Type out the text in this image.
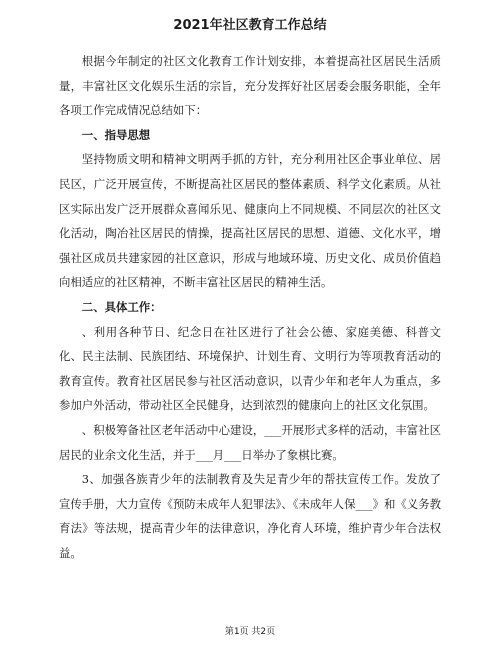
2021年社区教育工作总结

根据今年制定的社区文化教育工作计划安排，本着提高社区居民生活质量，丰富社区文化娱乐生活的宗旨，充分发挥好社区居委会服务职能，全年各项工作完成情况总结如下：

一、指导思想

坚持物质文明和精神文明两手抓的方针，充分利用社区企事业单位、居民区，广泛开展宣传，不断提高社区居民的整体素质、科学文化素质。从社区实际出发广泛开展群众喜闻乐见、健康向上不同规模、不同层次的社区文化活动，陶冶社区居民的情操，提高社区居民的思想、道德、文化水平，增强社区成员共建家园的社区意识，形成与地域环境、历史文化、成员价值趋向相适应的社区精神，不断丰富社区居民的精神生活。

二、具体工作：

、利用各种节日、纪念日在社区进行了社会公德、家庭美德、科普文化、民主法制、民族团结、环境保护、计划生育、文明行为等项教育活动的教育宣传。教育社区居民参与社区活动意识，以青少年和老年人为重点，多参加户外活动，带动社区全民健身，达到浓烈的健康向上的社区文化氛围。

、积极筹备社区老年活动中心建设，___开展形式多样的活动，丰富社区居民的业余文化生活，并于___月___日举办了象棋比赛。

3、加强各族青少年的法制教育及失足青少年的帮扶宣传工作。发放了宣传手册，大力宣传《预防未成年人犯罪法》、《未成年人保___》和《义务教育法》等法规，提高青少年的法律意识，净化育人环境，维护青少年合法权益。

第1页 共2页
